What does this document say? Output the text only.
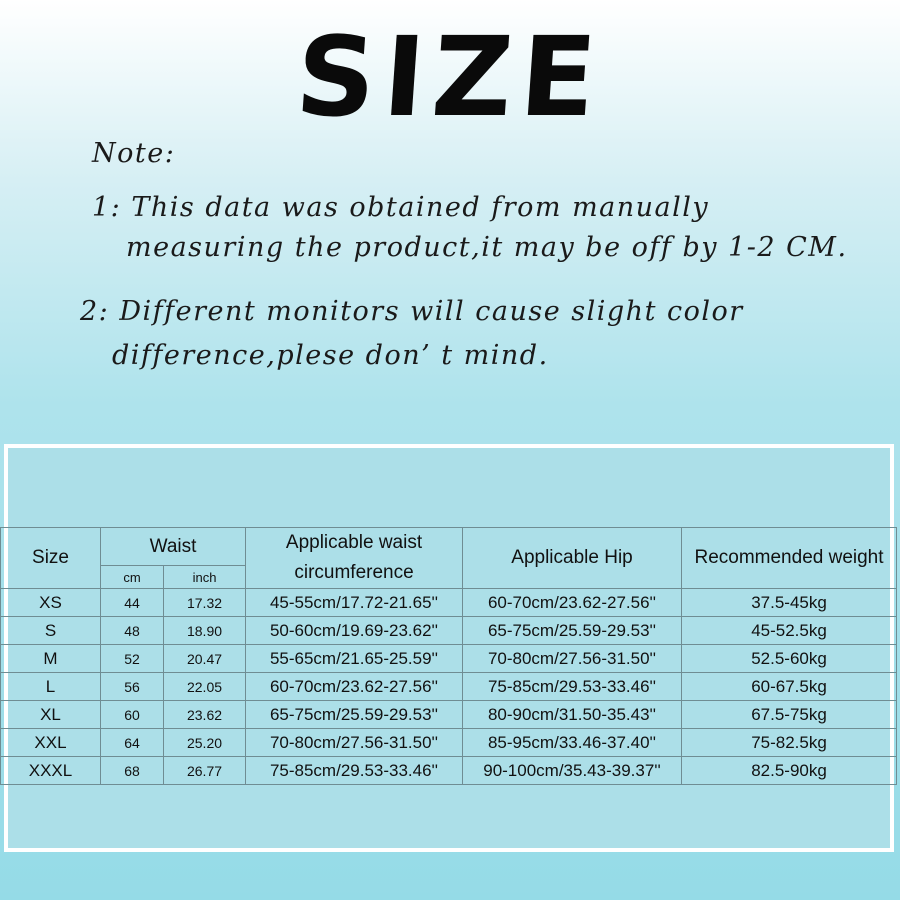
SIZE
Note:
1: This data was obtained from manually
measuring the product,it may be off by 1-2 CM.
2: Different monitors will cause slight color
difference,plese don’ t mind.
Size	Waist		Applicable waist
circumference	Applicable Hip	Recommended weight
	cm	inch			
XS	44	17.32	45-55cm/17.72-21.65''	60-70cm/23.62-27.56''	37.5-45kg
S	48	18.90	50-60cm/19.69-23.62''	65-75cm/25.59-29.53''	45-52.5kg
M	52	20.47	55-65cm/21.65-25.59''	70-80cm/27.56-31.50''	52.5-60kg
L	56	22.05	60-70cm/23.62-27.56''	75-85cm/29.53-33.46''	60-67.5kg
XL	60	23.62	65-75cm/25.59-29.53''	80-90cm/31.50-35.43''	67.5-75kg
XXL	64	25.20	70-80cm/27.56-31.50''	85-95cm/33.46-37.40''	75-82.5kg
XXXL	68	26.77	75-85cm/29.53-33.46''	90-100cm/35.43-39.37''	82.5-90kg
